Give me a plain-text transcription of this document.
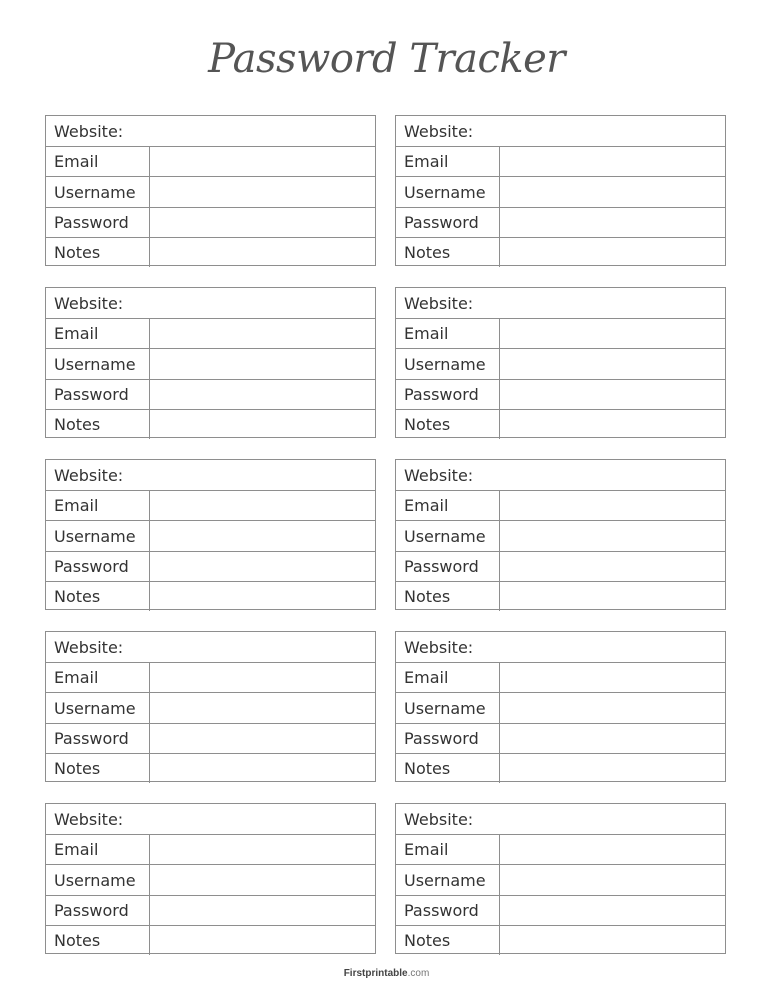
Password Tracker
Website:
Email
Username
Password
Notes
Website:
Email
Username
Password
Notes
Website:
Email
Username
Password
Notes
Website:
Email
Username
Password
Notes
Website:
Email
Username
Password
Notes
Website:
Email
Username
Password
Notes
Website:
Email
Username
Password
Notes
Website:
Email
Username
Password
Notes
Website:
Email
Username
Password
Notes
Website:
Email
Username
Password
Notes
Firstprintable.com
